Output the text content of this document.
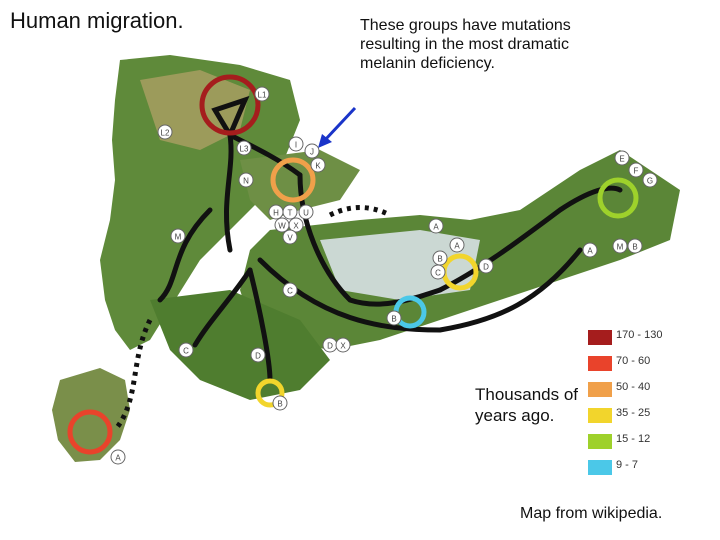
Human migration.	These groups have mutations resulting in the most dramatic melanin deficiency.
L1
L2
L3	I
J
K
N
H T U
W X
V
M
A
B
C
D
E
F
G
A
C
D X
A
B
C
D
A
B
M B
Thousands of years ago.
170 - 130
70 - 60
50 - 40
35 - 25
15 - 12
9 - 7
Map from wikipedia.
